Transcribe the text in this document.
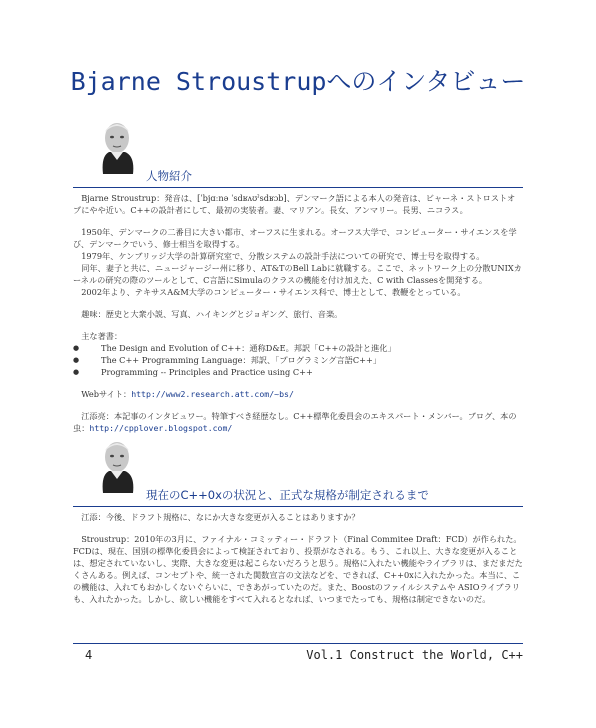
Bjarne Stroustrupへのインタビュー
人物紹介

Bjarne Stroustrup：発音は、[ˈbjɑːnə ˈsdʁʌʊˀsdʁɔb]、デンマーク語による本人の発音は、ビャーネ・ストロストオプにやや近い。C++の設計者にして、最初の実装者。妻、マリアン。長女、アンマリー。長男、ニコラス。

1950年、デンマークの二番目に大きい都市、オーフスに生まれる。オーフス大学で、コンピューター・サイエンスを学び、デンマークでいう、修士相当を取得する。

1979年、ケンブリッジ大学の計算研究室で、分散システムの設計手法についての研究で、博士号を取得する。

同年、妻子と共に、ニュージャージー州に移り、AT&TのBell Labに就職する。ここで、ネットワーク上の分散UNIXカーネルの研究の際のツールとして、C言語にSimulaのクラスの機能を付け加えた、C with Classesを開発する。

2002年より、テキサスA&M大学のコンピューター・サイエンス科で、博士として、教鞭をとっている。

趣味：歴史と大衆小説、写真、ハイキングとジョギング、旅行、音楽。

主な著書：

● The Design and Evolution of C++：通称D&E。邦訳「C++の設計と進化」
● The C++ Programming Language：邦訳、「プログラミング言語C++」
● Programming -- Principles and Practice using C++

Webサイト：http://www2.research.att.com/~bs/

江添亮：本記事のインタビュワー。特筆すべき経歴なし。C++標準化委員会のエキスパート・メンバー。ブログ、本の虫：http://cpplover.blogspot.com/

現在のC++0xの状況と、正式な規格が制定されるまで

江添：今後、ドラフト規格に、なにか大きな変更が入ることはありますか？

Stroustrup：2010年の3月に、ファイナル・コミッティー・ドラフト（Final Commitee Draft：FCD）が作られた。FCDは、現在、国別の標準化委員会によって検証されており、投票がなされる。もう、これ以上、大きな変更が入ることは、想定されていないし、実際、大きな変更は起こらないだろうと思う。規格に入れたい機能やライブラリは、まだまだたくさんある。例えば、コンセプトや、統一された関数宣言の文法などを、できれば、C++0xに入れたかった。本当に、この機能は、入れてもおかしくないぐらいに、できあがっていたのだ。また、Boostのファイルシステムや ASIOライブラリも、入れたかった。しかし、欲しい機能をすべて入れるとなれば、いつまでたっても、規格は制定できないのだ。

4	Vol.1 Construct the World, C++
